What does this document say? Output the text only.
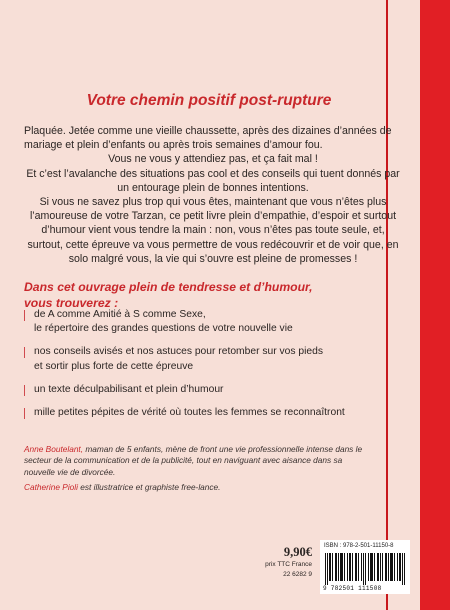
Votre chemin positif post-rupture

Plaquée. Jetée comme une vieille chaussette, après des dizaines d’années de mariage et plein d’enfants ou après trois semaines d’amour fou.

Vous ne vous y attendiez pas, et ça fait mal !

Et c’est l’avalanche des situations pas cool et des conseils qui tuent donnés par un entourage plein de bonnes intentions.

Si vous ne savez plus trop qui vous êtes, maintenant que vous n’êtes plus l’amoureuse de votre Tarzan, ce petit livre plein d’empathie, d’espoir et surtout d’humour vient vous tendre la main : non, vous n’êtes pas toute seule, et, surtout, cette épreuve va vous permettre de vous redécouvrir et de voir que, en solo malgré vous, la vie qui s’ouvre est pleine de promesses !

Dans cet ouvrage plein de tendresse et d’humour,
vous trouverez :
de A comme Amitié à S comme Sexe,
le répertoire des grandes questions de votre nouvelle vie
nos conseils avisés et nos astuces pour retomber sur vos pieds
et sortir plus forte de cette épreuve
un texte déculpabilisant et plein d’humour
mille petites pépites de vérité où toutes les femmes se reconnaîtront

Anne Boutelant, maman de 5 enfants, mène de front une vie professionnelle intense dans le secteur de la communication et de la publicité, tout en naviguant avec aisance dans sa nouvelle vie de divorcée.

Catherine Pioli est illustratrice et graphiste free-lance.

9,90€
prix TTC France
22 6282 9
ISBN : 978-2-501-11150-8
9 782501 111508
